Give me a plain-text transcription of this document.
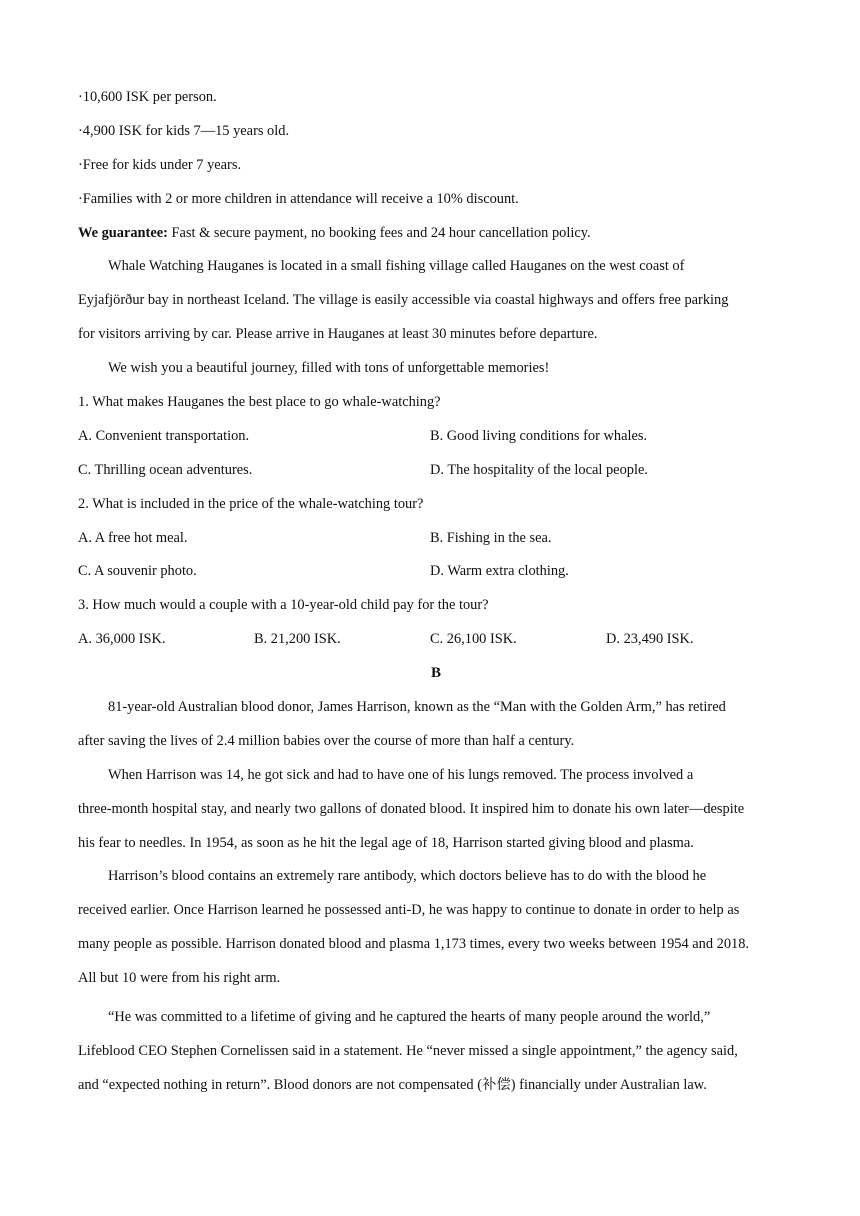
·10,600 ISK per person.
·4,900 ISK for kids 7—15 years old.
·Free for kids under 7 years.
·Families with 2 or more children in attendance will receive a 10% discount.
We guarantee: Fast & secure payment, no booking fees and 24 hour cancellation policy.
Whale Watching Hauganes is located in a small fishing village called Hauganes on the west coast of
Eyjafjörður bay in northeast Iceland. The village is easily accessible via coastal highways and offers free parking
for visitors arriving by car. Please arrive in Hauganes at least 30 minutes before departure.
We wish you a beautiful journey, filled with tons of unforgettable memories!
1. What makes Hauganes the best place to go whale-watching?
A. Convenient transportation.	B. Good living conditions for whales.
C. Thrilling ocean adventures.	D. The hospitality of the local people.
2. What is included in the price of the whale-watching tour?
A. A free hot meal.	B. Fishing in the sea.
C. A souvenir photo.	D. Warm extra clothing.
3. How much would a couple with a 10-year-old child pay for the tour?
A. 36,000 ISK.	B. 21,200 ISK.	C. 26,100 ISK.	D. 23,490 ISK.
B
81-year-old Australian blood donor, James Harrison, known as the “Man with the Golden Arm,” has retired
after saving the lives of 2.4 million babies over the course of more than half a century.
When Harrison was 14, he got sick and had to have one of his lungs removed. The process involved a
three-month hospital stay, and nearly two gallons of donated blood. It inspired him to donate his own later—despite
his fear to needles. In 1954, as soon as he hit the legal age of 18, Harrison started giving blood and plasma.
Harrison’s blood contains an extremely rare antibody, which doctors believe has to do with the blood he
received earlier. Once Harrison learned he possessed anti-D, he was happy to continue to donate in order to help as
many people as possible. Harrison donated blood and plasma 1,173 times, every two weeks between 1954 and 2018.
All but 10 were from his right arm.
“He was committed to a lifetime of giving and he captured the hearts of many people around the world,”
Lifeblood CEO Stephen Cornelissen said in a statement. He “never missed a single appointment,” the agency said,
and “expected nothing in return”. Blood donors are not compensated (补偿) financially under Australian law.
